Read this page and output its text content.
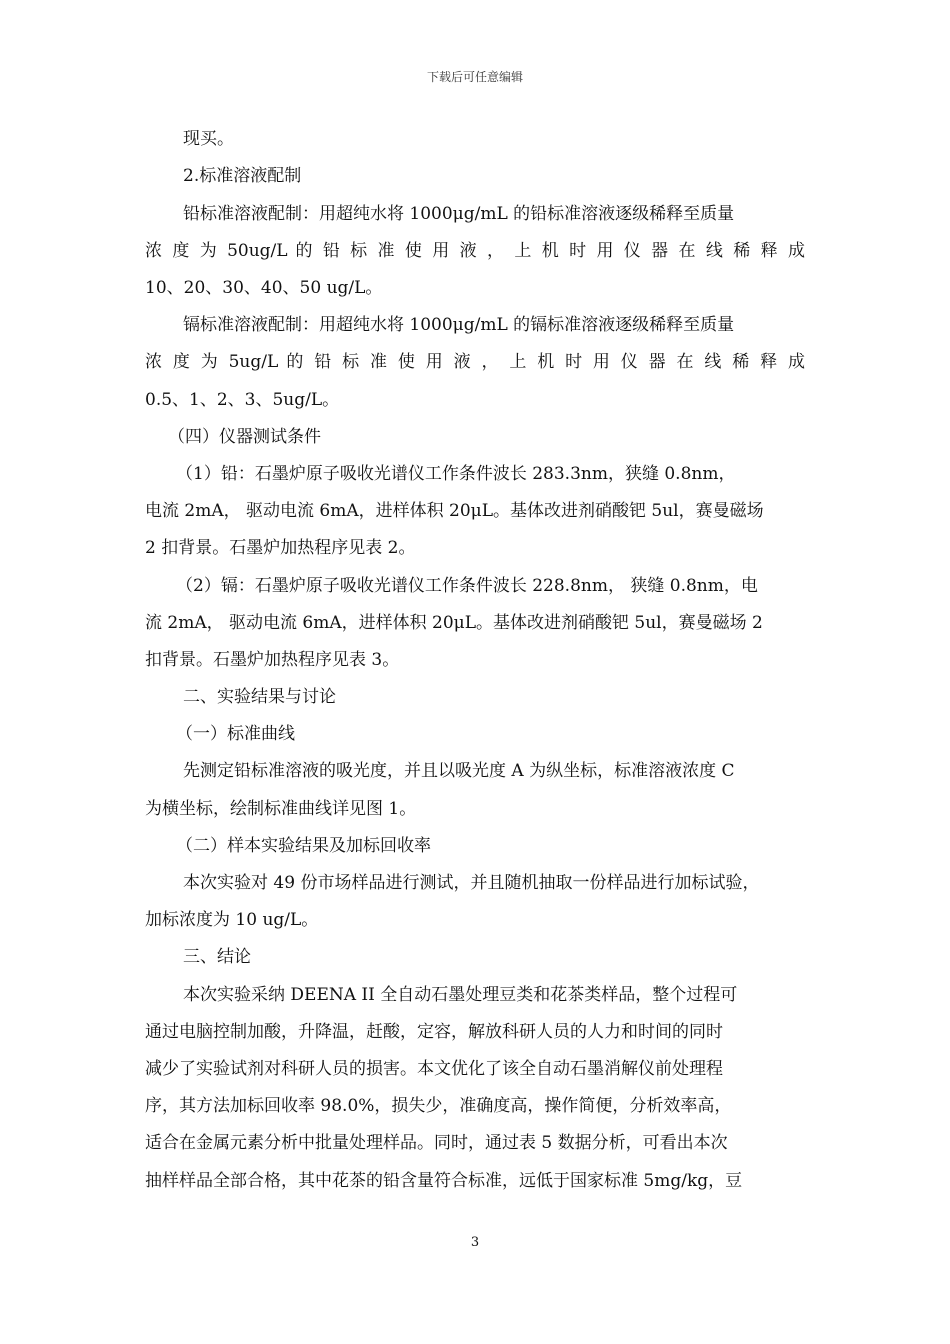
下载后可任意编辑
现买。
2.标准溶液配制
铅标准溶液配制：用超纯水将 1000μg/mL 的铅标准溶液逐级稀释至质量
浓 度 为 50ug/L 的 铅 标 准 使 用 液 ， 上 机 时 用 仪 器 在 线 稀 释 成
10、20、30、40、50 ug/L。
镉标准溶液配制：用超纯水将 1000μg/mL 的镉标准溶液逐级稀释至质量
浓 度 为 5ug/L 的 铅 标 准 使 用 液 ， 上 机 时 用 仪 器 在 线 稀 释 成
0.5、1、2、3、5ug/L。
（四）仪器测试条件
（1）铅：石墨炉原子吸收光谱仪工作条件波长 283.3nm，狭缝 0.8nm，
电流 2mA， 驱动电流 6mA，进样体积 20μL。基体改进剂硝酸钯 5ul，赛曼磁场
2 扣背景。石墨炉加热程序见表 2。
（2）镉：石墨炉原子吸收光谱仪工作条件波长 228.8nm， 狭缝 0.8nm，电
流 2mA， 驱动电流 6mA，进样体积 20μL。基体改进剂硝酸钯 5ul，赛曼磁场 2
扣背景。石墨炉加热程序见表 3。
二、实验结果与讨论
（一）标准曲线
先测定铅标准溶液的吸光度，并且以吸光度 A 为纵坐标，标准溶液浓度 C
为横坐标，绘制标准曲线详见图 1。
（二）样本实验结果及加标回收率
本次实验对 49 份市场样品进行测试，并且随机抽取一份样品进行加标试验，
加标浓度为 10 ug/L。
三、结论
本次实验采纳 DEENA II 全自动石墨处理豆类和花茶类样品，整个过程可
通过电脑控制加酸，升降温，赶酸，定容，解放科研人员的人力和时间的同时
减少了实验试剂对科研人员的损害。本文优化了该全自动石墨消解仪前处理程
序，其方法加标回收率 98.0%，损失少，准确度高，操作简便，分析效率高，
适合在金属元素分析中批量处理样品。同时，通过表 5 数据分析，可看出本次
抽样样品全部合格，其中花茶的铅含量符合标准，远低于国家标准 5mg/kg，豆
3
